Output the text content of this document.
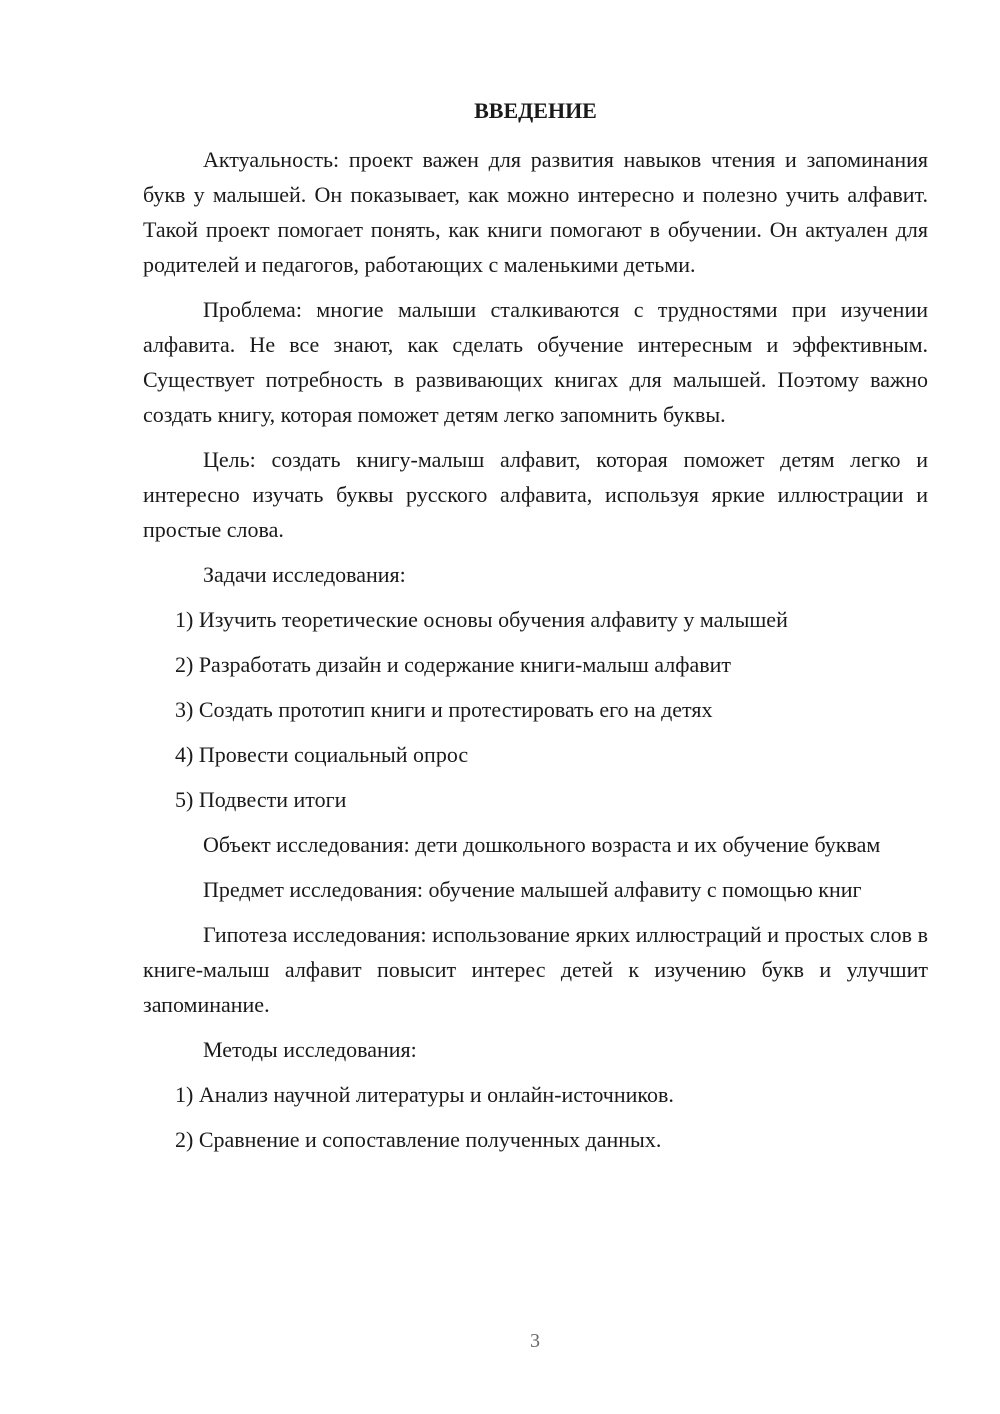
ВВЕДЕНИЕ

Актуальность: проект важен для развития навыков чтения и запоминания букв у малышей. Он показывает, как можно интересно и полезно учить алфавит. Такой проект помогает понять, как книги помогают в обучении. Он актуален для родителей и педагогов, работающих с маленькими детьми.

Проблема: многие малыши сталкиваются с трудностями при изучении алфавита. Не все знают, как сделать обучение интересным и эффективным. Существует потребность в развивающих книгах для малышей. Поэтому важно создать книгу, которая поможет детям легко запомнить буквы.

Цель: создать книгу-малыш алфавит, которая поможет детям легко и интересно изучать буквы русского алфавита, используя яркие иллюстрации и простые слова.

Задачи исследования:

1) Изучить теоретические основы обучения алфавиту у малышей

2) Разработать дизайн и содержание книги-малыш алфавит

3) Создать прототип книги и протестировать его на детях

4) Провести социальный опрос

5) Подвести итоги

Объект исследования: дети дошкольного возраста и их обучение буквам

Предмет исследования: обучение малышей алфавиту с помощью книг

Гипотеза исследования: использование ярких иллюстраций и простых слов в книге-малыш алфавит повысит интерес детей к изучению букв и улучшит запоминание.

Методы исследования:

1) Анализ научной литературы и онлайн-источников.

2) Сравнение и сопоставление полученных данных.

3
